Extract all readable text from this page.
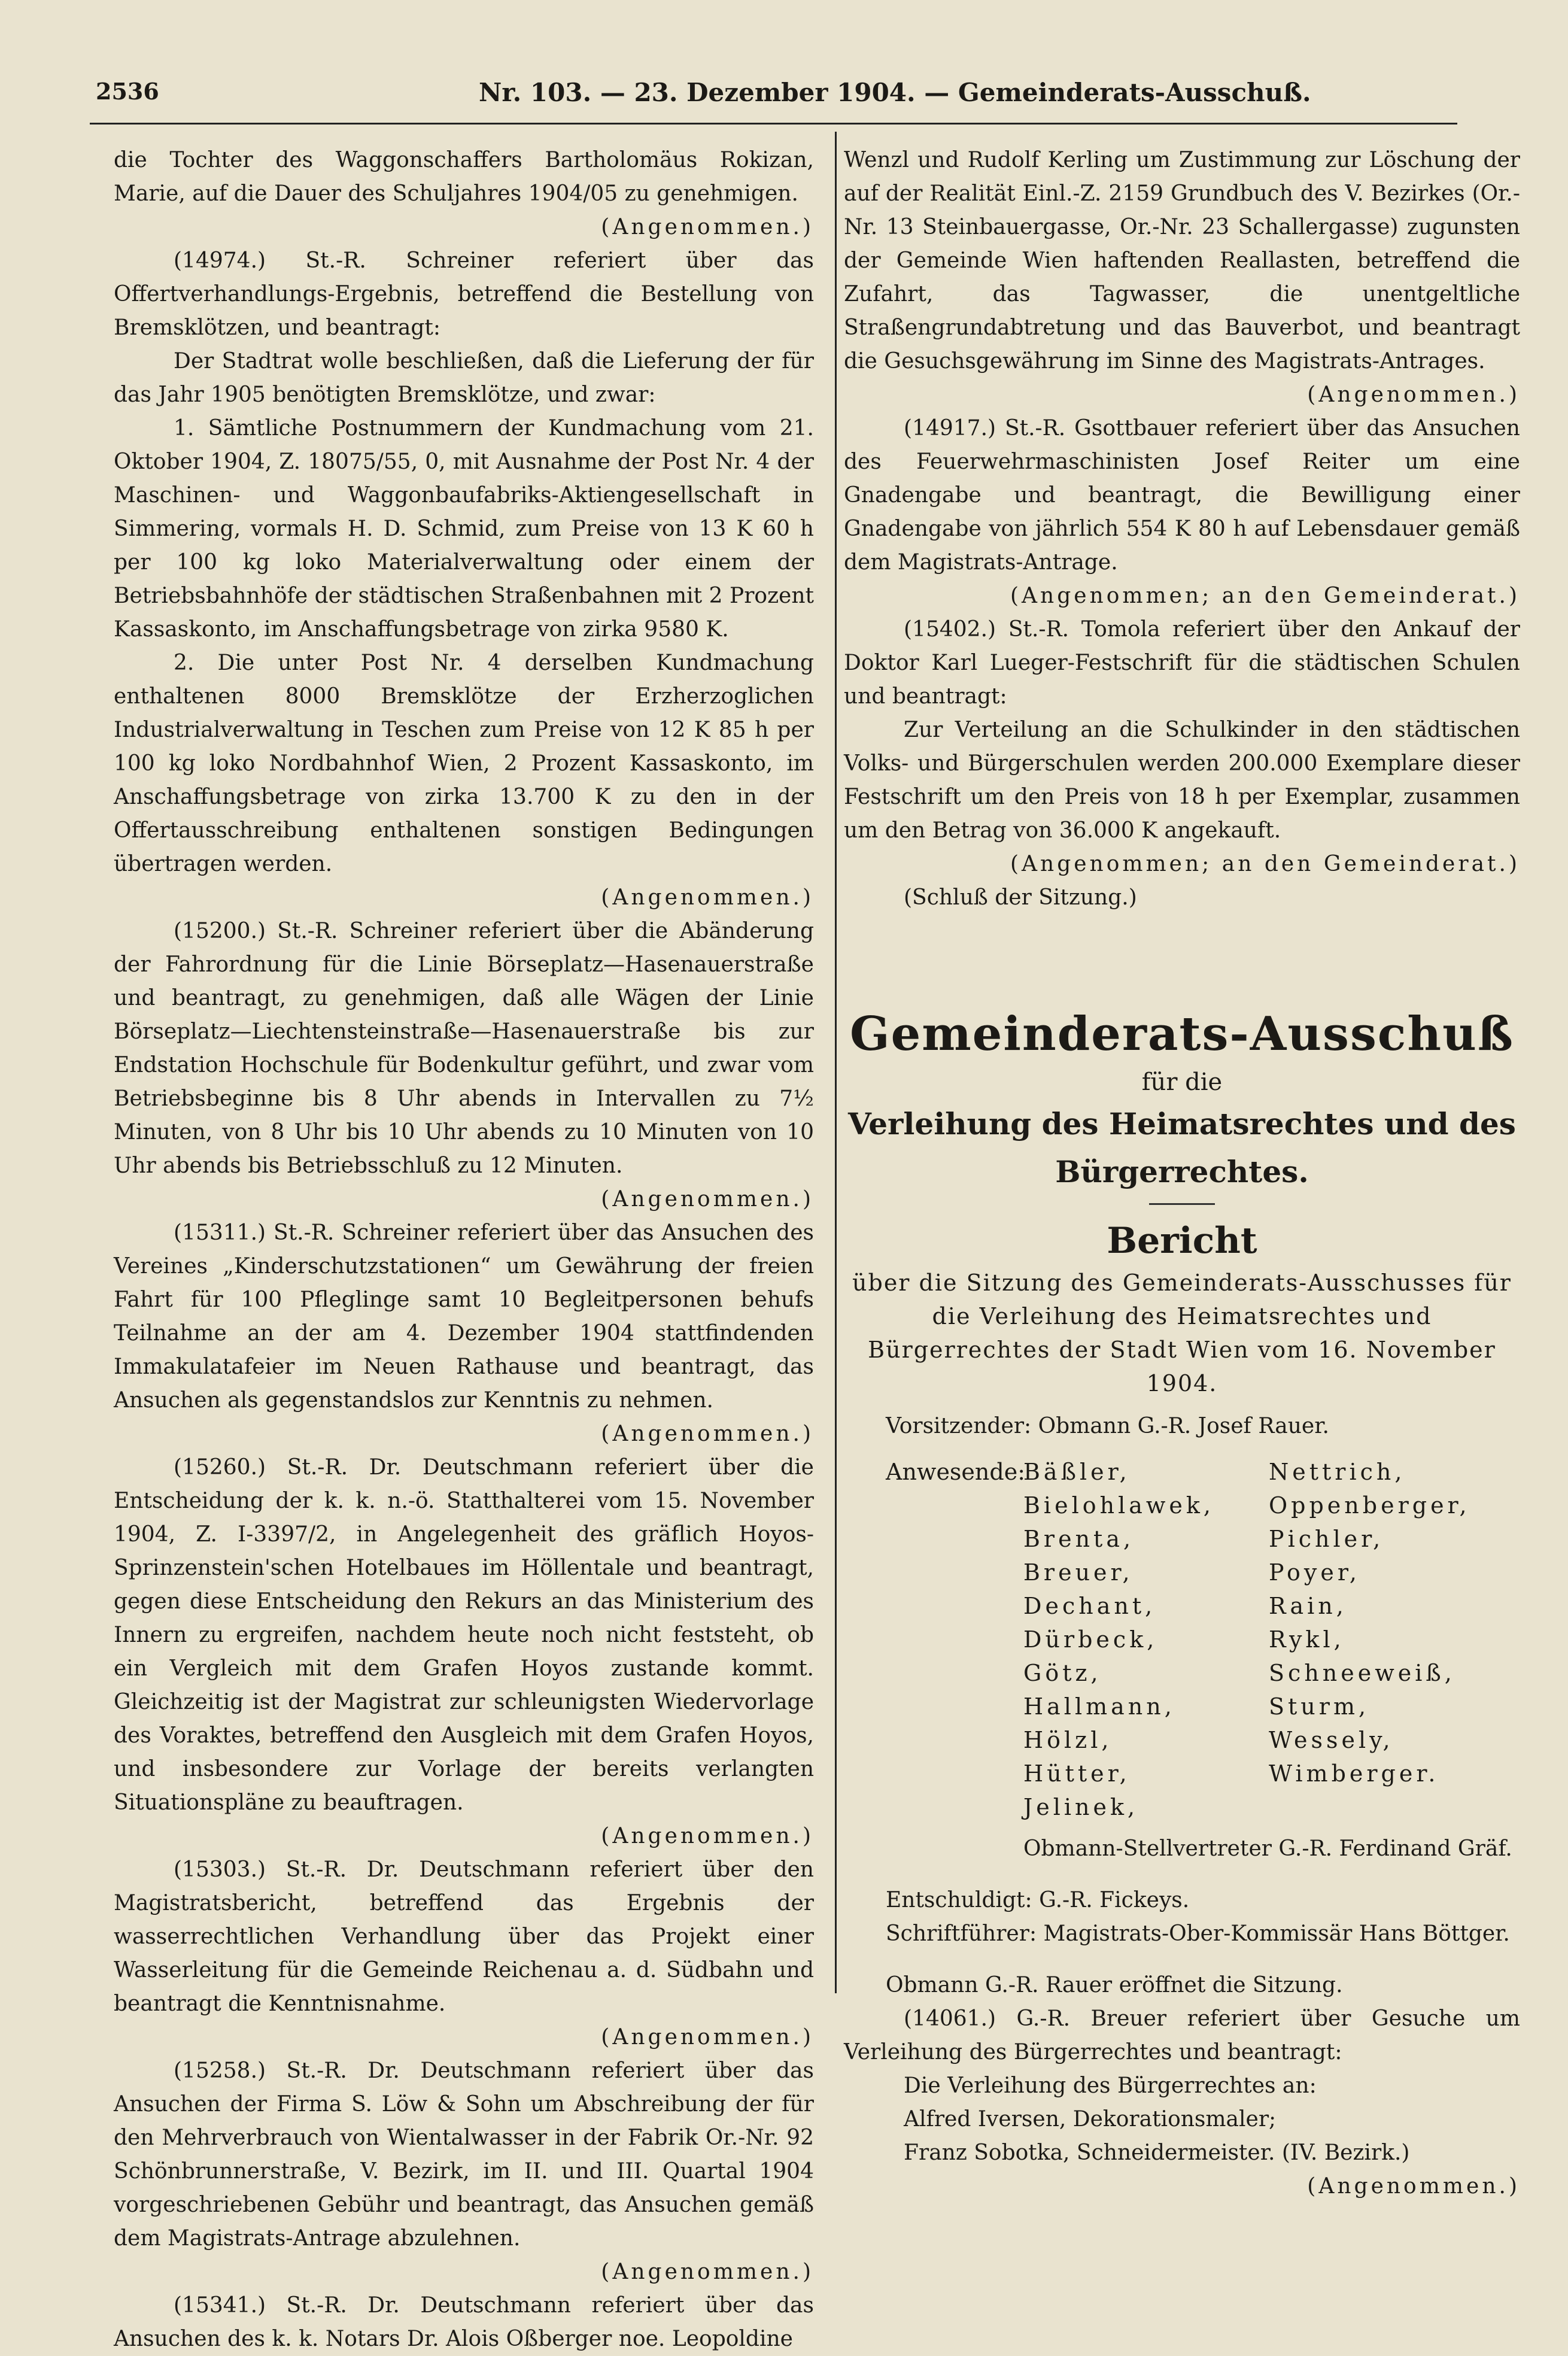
2536	Nr. 103. — 23. Dezember 1904. — Gemeinderats-Ausschuß.

die Tochter des Waggonschaffers Bartholomäus Rokizan, Marie, auf die Dauer des Schuljahres 1904/05 zu genehmigen.

(Angenommen.)

(14974.) St.-R. Schreiner referiert über das Offertverhandlungs-Ergebnis, betreffend die Bestellung von Bremsklötzen, und beantragt:

Der Stadtrat wolle beschließen, daß die Lieferung der für das Jahr 1905 benötigten Bremsklötze, und zwar:

1. Sämtliche Postnummern der Kundmachung vom 21. Oktober 1904, Z. 18075/55, 0, mit Ausnahme der Post Nr. 4 der Maschinen- und Waggonbaufabriks-Aktiengesellschaft in Simmering, vormals H. D. Schmid, zum Preise von 13 K 60 h per 100 kg loko Materialverwaltung oder einem der Betriebsbahnhöfe der städtischen Straßenbahnen mit 2 Prozent Kassaskonto, im Anschaffungsbetrage von zirka 9580 K.

2. Die unter Post Nr. 4 derselben Kundmachung enthaltenen 8000 Bremsklötze der Erzherzoglichen Industrialverwaltung in Teschen zum Preise von 12 K 85 h per 100 kg loko Nordbahnhof Wien, 2 Prozent Kassaskonto, im Anschaffungsbetrage von zirka 13.700 K zu den in der Offertausschreibung enthaltenen sonstigen Bedingungen übertragen werden.

(Angenommen.)

(15200.) St.-R. Schreiner referiert über die Abänderung der Fahrordnung für die Linie Börseplatz—Hasenauerstraße und beantragt, zu genehmigen, daß alle Wägen der Linie Börseplatz—Liechtensteinstraße—Hasenauerstraße bis zur Endstation Hochschule für Bodenkultur geführt, und zwar vom Betriebsbeginne bis 8 Uhr abends in Intervallen zu 7½ Minuten, von 8 Uhr bis 10 Uhr abends zu 10 Minuten von 10 Uhr abends bis Betriebsschluß zu 12 Minuten.

(Angenommen.)

(15311.) St.-R. Schreiner referiert über das Ansuchen des Vereines „Kinderschutzstationen“ um Gewährung der freien Fahrt für 100 Pfleglinge samt 10 Begleitpersonen behufs Teilnahme an der am 4. Dezember 1904 stattfindenden Immakulatafeier im Neuen Rathause und beantragt, das Ansuchen als gegenstandslos zur Kenntnis zu nehmen.

(Angenommen.)

(15260.) St.-R. Dr. Deutschmann referiert über die Entscheidung der k. k. n.-ö. Statthalterei vom 15. November 1904, Z. I-3397/2, in Angelegenheit des gräflich Hoyos-Sprinzenstein'schen Hotelbaues im Höllentale und beantragt, gegen diese Entscheidung den Rekurs an das Ministerium des Innern zu ergreifen, nachdem heute noch nicht feststeht, ob ein Vergleich mit dem Grafen Hoyos zustande kommt. Gleichzeitig ist der Magistrat zur schleunigsten Wiedervorlage des Voraktes, betreffend den Ausgleich mit dem Grafen Hoyos, und insbesondere zur Vorlage der bereits verlangten Situationspläne zu beauftragen.

(Angenommen.)

(15303.) St.-R. Dr. Deutschmann referiert über den Magistratsbericht, betreffend das Ergebnis der wasserrechtlichen Verhandlung über das Projekt einer Wasserleitung für die Gemeinde Reichenau a. d. Südbahn und beantragt die Kenntnisnahme.

(Angenommen.)

(15258.) St.-R. Dr. Deutschmann referiert über das Ansuchen der Firma S. Löw & Sohn um Abschreibung der für den Mehrverbrauch von Wientalwasser in der Fabrik Or.-Nr. 92 Schönbrunnerstraße, V. Bezirk, im II. und III. Quartal 1904 vorgeschriebenen Gebühr und beantragt, das Ansuchen gemäß dem Magistrats-Antrage abzulehnen.

(Angenommen.)

(15341.) St.-R. Dr. Deutschmann referiert über das Ansuchen des k. k. Notars Dr. Alois Oßberger noe. Leopoldine

Wenzl und Rudolf Kerling um Zustimmung zur Löschung der auf der Realität Einl.-Z. 2159 Grundbuch des V. Bezirkes (Or.-Nr. 13 Steinbauergasse, Or.-Nr. 23 Schallergasse) zugunsten der Gemeinde Wien haftenden Reallasten, betreffend die Zufahrt, das Tagwasser, die unentgeltliche Straßengrundabtretung und das Bauverbot, und beantragt die Gesuchsgewährung im Sinne des Magistrats-Antrages.

(Angenommen.)

(14917.) St.-R. Gsottbauer referiert über das Ansuchen des Feuerwehrmaschinisten Josef Reiter um eine Gnadengabe und beantragt, die Bewilligung einer Gnadengabe von jährlich 554 K 80 h auf Lebensdauer gemäß dem Magistrats-Antrage.

(Angenommen; an den Gemeinderat.)

(15402.) St.-R. Tomola referiert über den Ankauf der Doktor Karl Lueger-Festschrift für die städtischen Schulen und beantragt:

Zur Verteilung an die Schulkinder in den städtischen Volks- und Bürgerschulen werden 200.000 Exemplare dieser Festschrift um den Preis von 18 h per Exemplar, zusammen um den Betrag von 36.000 K angekauft.

(Angenommen; an den Gemeinderat.)

(Schluß der Sitzung.)

Gemeinderats-Ausschuß
für die
Verleihung des Heimatsrechtes und des Bürgerrechtes.
Bericht
über die Sitzung des Gemeinderats-Ausschusses für die Verleihung des Heimatsrechtes und Bürgerrechtes der Stadt Wien vom 16. November 1904.

Vorsitzender: Obmann G.-R. Josef Rauer.

Anwesende:
Bäßler,
Bielohlawek,
Brenta,
Breuer,
Dechant,
Dürbeck,
Götz,
Hallmann,
Hölzl,
Hütter,
Jelinek,
Nettrich,
Oppenberger,
Pichler,
Poyer,
Rain,
Rykl,
Schneeweiß,
Sturm,
Wessely,
Wimberger.

Obmann-Stellvertreter G.-R. Ferdinand Gräf.

Entschuldigt: G.-R. Fickeys.

Schriftführer: Magistrats-Ober-Kommissär Hans Böttger.

Obmann G.-R. Rauer eröffnet die Sitzung.

(14061.) G.-R. Breuer referiert über Gesuche um Verleihung des Bürgerrechtes und beantragt:

Die Verleihung des Bürgerrechtes an:

Alfred Iversen, Dekorationsmaler;

Franz Sobotka, Schneidermeister. (IV. Bezirk.)

(Angenommen.)
